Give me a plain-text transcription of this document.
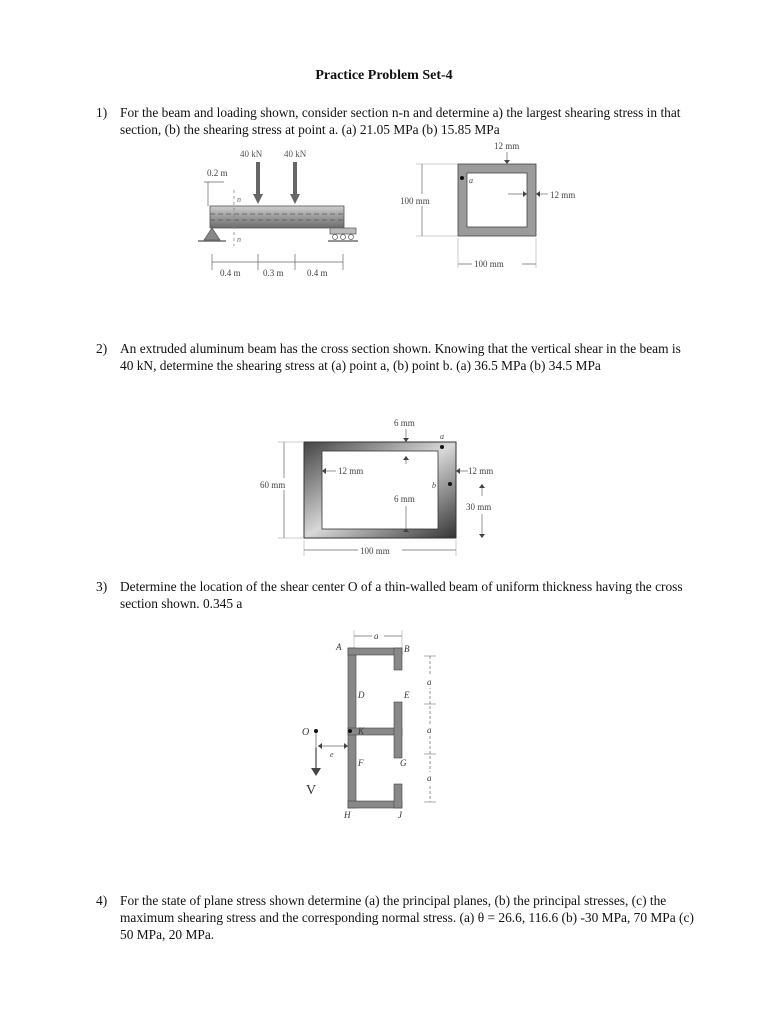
Practice Problem Set-4
1) For the beam and loading shown, consider section n-n and determine a) the largest shearing stress in that section, (b) the shearing stress at point a. (a) 21.05 MPa (b) 15.85 MPa
40 kN 40 kN
0.2 m
n
n
0.4 m 0.3 m	0.4 m
12 mm
a
12 mm
100 mm
100 mm
2) An extruded aluminum beam has the cross section shown. Knowing that the vertical shear in the beam is 40 kN, determine the shearing stress at (a) point a, (b) point b. (a) 36.5 MPa (b) 34.5 MPa
6 mm
a
b
12 mm
6 mm
12 mm
30 mm
60 mm
100 mm
3) Determine the location of the shear center O of a thin-walled beam of uniform thickness having the cross section shown. 0.345 a
a
A	B
D	E
K
F	G
H	J
O
e
V
a
a
a
4) For the state of plane stress shown determine (a) the principal planes, (b) the principal stresses, (c) the maximum shearing stress and the corresponding normal stress. (a) θ = 26.6, 116.6 (b) -30 MPa, 70 MPa (c) 50 MPa, 20 MPa.
